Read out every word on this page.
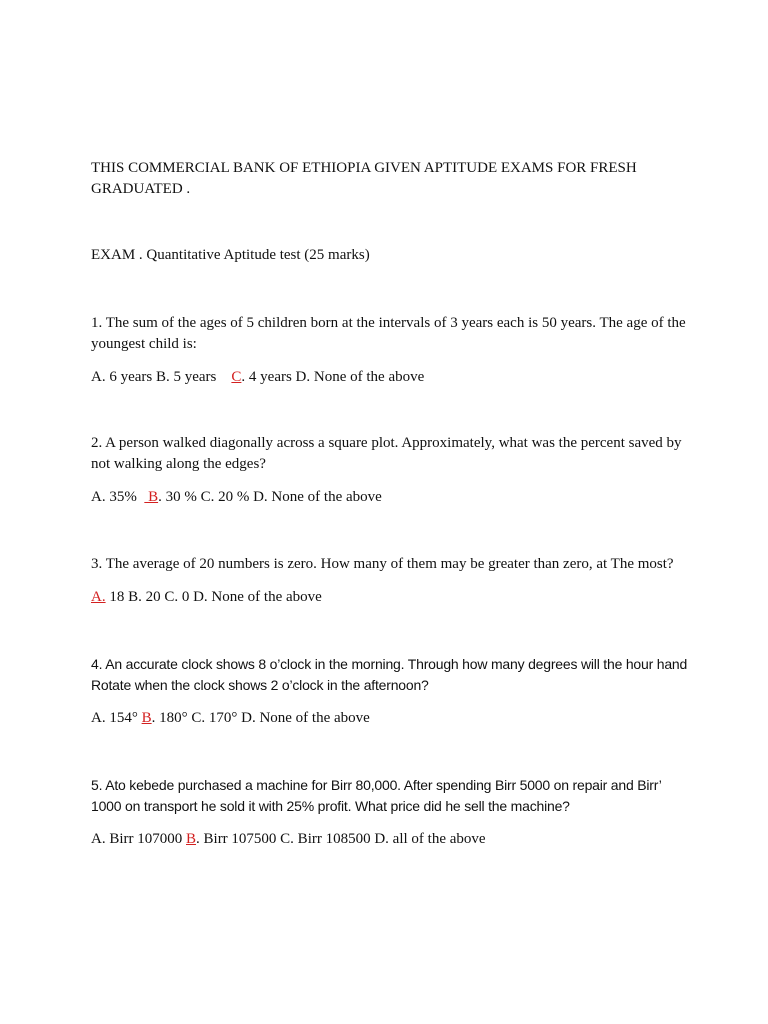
THIS COMMERCIAL BANK OF ETHIOPIA GIVEN APTITUDE EXAMS FOR FRESH GRADUATED .

EXAM . Quantitative Aptitude test (25 marks)

1. The sum of the ages of 5 children born at the intervals of 3 years each is 50 years. The age of the youngest child is:

A. 6 years B. 5 years    C. 4 years D. None of the above

2. A person walked diagonally across a square plot. Approximately, what was the percent saved by not walking along the edges?

A. 35%   B. 30 % C. 20 % D. None of the above

3. The average of 20 numbers is zero. How many of them may be greater than zero, at The most?

A. 18 B. 20 C. 0 D. None of the above

4. An accurate clock shows 8 o’clock in the morning. Through how many degrees will the hour hand Rotate when the clock shows 2 o’clock in the afternoon?

A. 154° B. 180° C. 170° D. None of the above

5. Ato kebede purchased a machine for Birr 80,000. After spending Birr 5000 on repair and Birr’ 1000 on transport he sold it with 25% profit. What price did he sell the machine?

A. Birr 107000 B. Birr 107500 C. Birr 108500 D. all of the above
